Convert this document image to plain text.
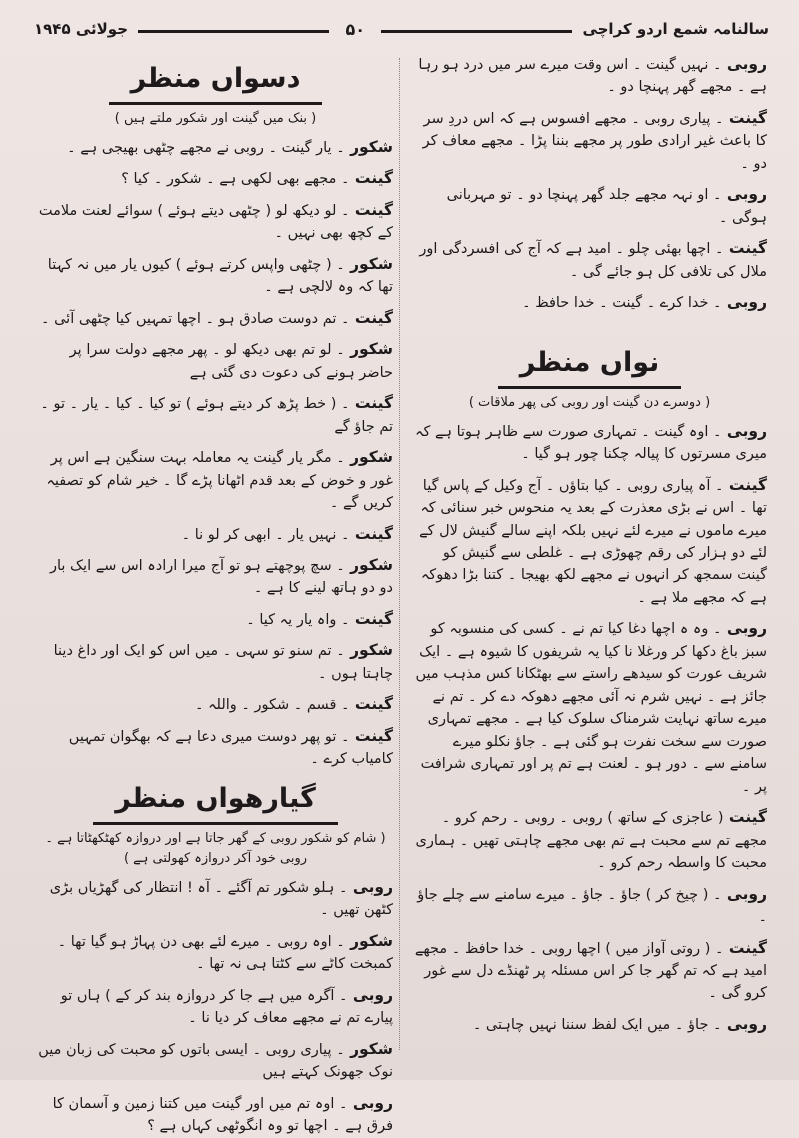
سالنامہ شمع اردو کراچی
۵۰
جولائی ۱۹۴۵
روبی ۔ نہیں گینت ۔ اس وقت میرے سر میں درد ہو رہا ہے ۔ مجھے گھر پہنچا دو ۔
گینت ۔ پیاری روبی ۔ مجھے افسوس ہے کہ اس دردِ سر کا باعث غیر ارادی طور پر مجھے بننا پڑا ۔ مجھے معاف کر دو ۔
روبی ۔ او نہہ مجھے جلد گھر پہنچا دو ۔ تو مہربانی ہوگی ۔
گینت ۔ اچھا بھئی چلو ۔ امید ہے کہ آج کی افسردگی اور ملال کی تلافی کل ہو جائے گی ۔
روبی ۔ خدا کرے ۔ گینت ۔ خدا حافظ ۔
نواں منظر
( دوسرے دن گینت اور روبی کی پھر ملاقات )
روبی ۔ اوہ گینت ۔ تمہاری صورت سے ظاہر ہوتا ہے کہ میری مسرتوں کا پیالہ چکنا چور ہو گیا ۔
گینت ۔ آہ پیاری روبی ۔ کیا بتاؤں ۔ آج وکیل کے پاس گیا تھا ۔ اس نے بڑی معذرت کے بعد یہ منحوس خبر سنائی کہ میرے ماموں نے میرے لئے نہیں بلکہ اپنے سالے گنیش لال کے لئے دو ہزار کی رقم چھوڑی ہے ۔ غلطی سے گنیش کو گینت سمجھ کر انہوں نے مجھے لکھ بھیجا ۔ کتنا بڑا دھوکہ ہے کہ مجھے ملا ہے ۔
روبی ۔ وہ ہ اچھا دغا کیا تم نے ۔ کسی کی منسوبہ کو سبز باغ دکھا کر ورغلا نا کیا یہ شریفوں کا شیوہ ہے ۔ ایک شریف عورت کو سیدھے راستے سے بھٹکانا کس مذہب میں جائز ہے ۔ نہیں شرم نہ آئی مجھے دھوکہ دے کر ۔ تم نے میرے ساتھ نہایت شرمناک سلوک کیا ہے ۔ مجھے تمہاری صورت سے سخت نفرت ہو گئی ہے ۔ جاؤ نکلو میرے سامنے سے ۔ دور ہو ۔ لعنت ہے تم پر اور تمہاری شرافت پر ۔
گینت ( عاجزی کے ساتھ ) روبی ۔ روبی ۔ رحم کرو ۔ مجھے تم سے محبت ہے تم بھی مجھے چاہتی تھیں ۔ ہماری محبت کا واسطہ رحم کرو ۔
روبی ۔ ( چیخ کر ) جاؤ ۔ جاؤ ۔ میرے سامنے سے چلے جاؤ ۔
گینت ۔ ( روتی آواز میں ) اچھا روبی ۔ خدا حافظ ۔ مجھے امید ہے کہ تم گھر جا کر اس مسئلہ پر ٹھنڈے دل سے غور کرو گی ۔
روبی ۔ جاؤ ۔ میں ایک لفظ سننا نہیں چاہتی ۔
دسواں منظر
( بنک میں گینت اور شکور ملتے ہیں )
شکور ۔ یار گینت ۔ روبی نے مجھے چٹھی بھیجی ہے ۔
گینت ۔ مجھے بھی لکھی ہے ۔ شکور ۔ کیا ؟
گینت ۔ لو دیکھ لو ( چٹھی دیتے ہوئے ) سوائے لعنت ملامت کے کچھ بھی نہیں ۔
شکور ۔ ( چٹھی واپس کرتے ہوئے ) کیوں یار میں نہ کہتا تھا کہ وہ لالچی ہے ۔
گینت ۔ تم دوست صادق ہو ۔ اچھا تمہیں کیا چٹھی آئی ۔
شکور ۔ لو تم بھی دیکھ لو ۔ پھر مجھے دولت سرا پر حاضر ہونے کی دعوت دی گئی ہے
گینت ۔ ( خط پڑھ کر دیتے ہوئے ) تو کیا ۔ کیا ۔ یار ۔ تو ۔ تم جاؤ گے
شکور ۔ مگر یار گینت یہ معاملہ بہت سنگین ہے اس پر غور و خوض کے بعد قدم اٹھانا پڑے گا ۔ خیر شام کو تصفیہ کریں گے ۔
گینت ۔ نہیں یار ۔ ابھی کر لو نا ۔
شکور ۔ سچ پوچھتے ہو تو آج میرا ارادہ اس سے ایک بار دو دو ہاتھ لینے کا ہے ۔
گینت ۔ واہ یار یہ کیا ۔
شکور ۔ تم سنو تو سہی ۔ میں اس کو ایک اور داغ دینا چاہتا ہوں ۔
گینت ۔ قسم ۔ شکور ۔ واللہ ۔
گینت ۔ تو پھر دوست میری دعا ہے کہ بھگوان تمہیں کامیاب کرے ۔
گیارھواں منظر
( شام کو شکور روبی کے گھر جاتا ہے اور دروازہ کھٹکھٹاتا ہے ۔ روبی خود آکر دروازہ کھولتی ہے )
روبی ۔ ہلو شکور تم آگئے ۔ آہ ! انتظار کی گھڑیاں بڑی کٹھن تھیں ۔
شکور ۔ اوہ روبی ۔ میرے لئے بھی دن پہاڑ ہو گیا تھا ۔ کمبخت کاٹے سے کٹتا ہی نہ تھا ۔
روبی ۔ آگرہ میں ہے جا کر دروازہ بند کر کے ) ہاں تو پیارے تم نے مجھے معاف کر دیا نا ۔
شکور ۔ پیاری روبی ۔ ایسی باتوں کو محبت کی زبان میں نوک جھونک کہتے ہیں
روبی ۔ اوہ تم میں اور گینت میں کتنا زمین و آسمان کا فرق ہے ۔ اچھا تو وہ انگوٹھی کہاں ہے ؟
